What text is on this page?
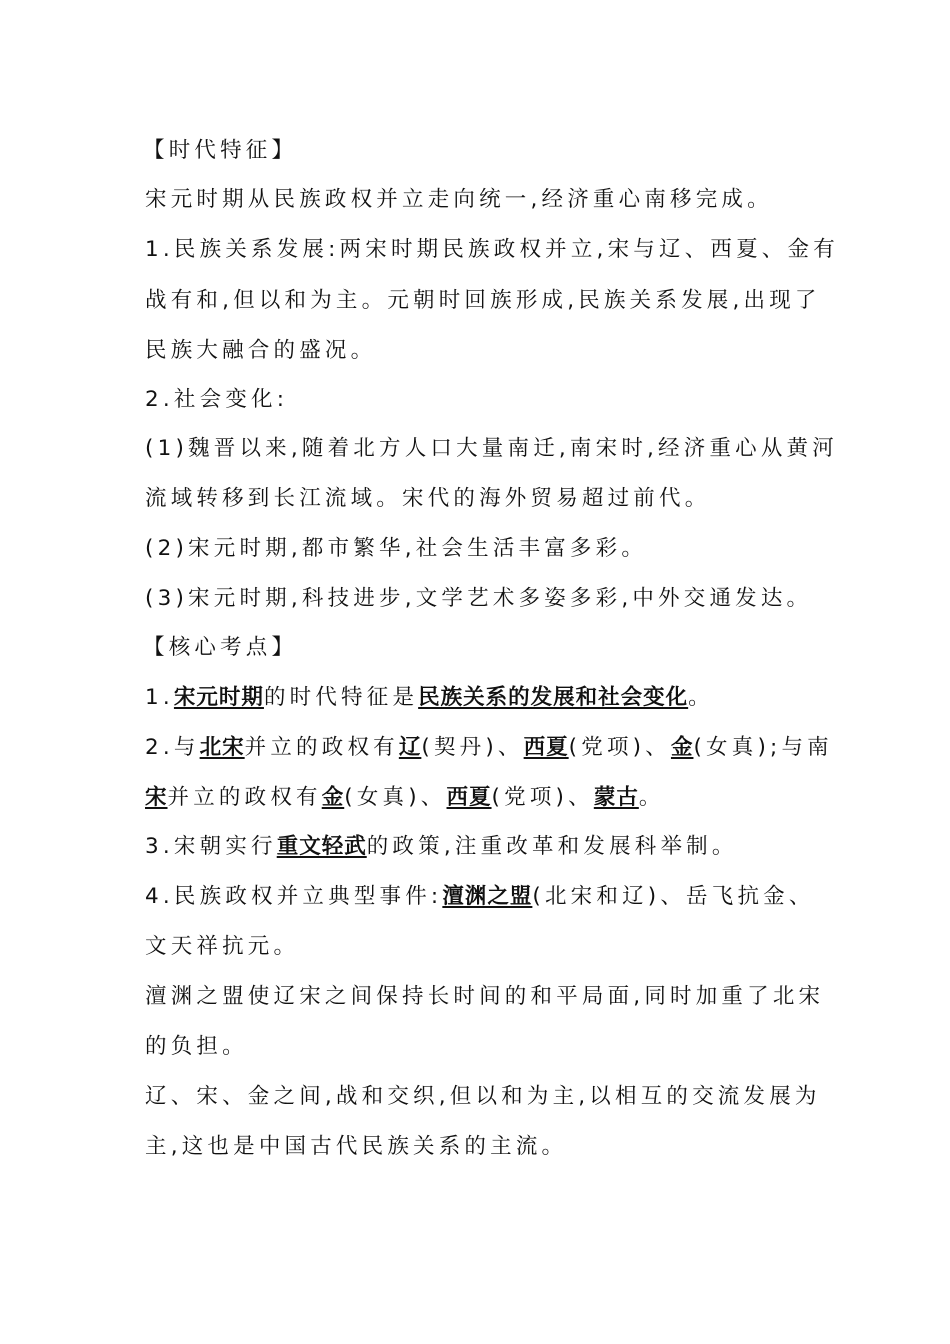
【时代特征】
宋元时期从民族政权并立走向统一,经济重心南移完成。
1.民族关系发展:两宋时期民族政权并立,宋与辽、西夏、金有
战有和,但以和为主。元朝时回族形成,民族关系发展,出现了
民族大融合的盛况。
2.社会变化:
(1)魏晋以来,随着北方人口大量南迁,南宋时,经济重心从黄河
流域转移到长江流域。宋代的海外贸易超过前代。
(2)宋元时期,都市繁华,社会生活丰富多彩。
(3)宋元时期,科技进步,文学艺术多姿多彩,中外交通发达。
【核心考点】
1.宋元时期的时代特征是民族关系的发展和社会变化。
2.与北宋并立的政权有辽(契丹)、西夏(党项)、金(女真);与南
宋并立的政权有金(女真)、西夏(党项)、蒙古。
3.宋朝实行重文轻武的政策,注重改革和发展科举制。
4.民族政权并立典型事件:澶渊之盟(北宋和辽)、岳飞抗金、
文天祥抗元。
澶渊之盟使辽宋之间保持长时间的和平局面,同时加重了北宋
的负担。
辽、宋、金之间,战和交织,但以和为主,以相互的交流发展为
主,这也是中国古代民族关系的主流。
